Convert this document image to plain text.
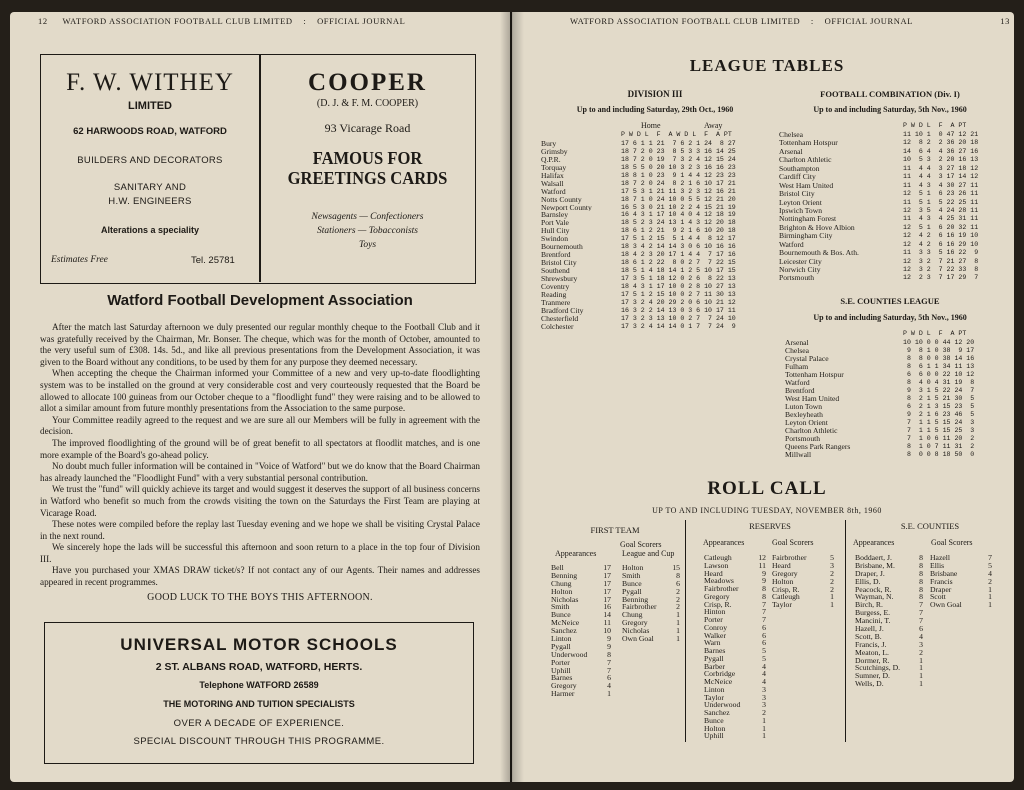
12 WATFORD ASSOCIATION FOOTBALL CLUB LIMITED : OFFICIAL JOURNAL
F. W. WITHEY
LIMITED
62 HARWOODS ROAD, WATFORD
BUILDERS AND DECORATORS
SANITARY AND
H.W. ENGINEERS
Alterations a speciality
Estimates Free	Tel. 25781
COOPER
(D. J. & F. M. COOPER)
93 Vicarage Road
FAMOUS FOR
GREETINGS CARDS
Newsagents — Confectioners
Stationers — Tobacconists
Toys
Watford Football Development Association

After the match last Saturday afternoon we duly presented our regular monthly cheque to the Football Club and it was gratefully received by the Chairman, Mr. Bonser. The cheque, which was for the month of October, amounted to the very useful sum of £308. 14s. 5d., and like all previous presentations from the Development Association, it was given to the Board without any conditions, to be used by them for any purpose they deemed necessary.

When accepting the cheque the Chairman informed your Committee of a new and very up-to-date floodlighting system was to be installed on the ground at very considerable cost and very courteously requested that the Board be allowed to allocate 100 guineas from our October cheque to a "floodlight fund" they were raising and to be allowed to allot a similar amount from future monthly presentations from the Association to the same purpose.

Your Committee readily agreed to the request and we are sure all our Members will be fully in agreement with the decision.

The improved floodlighting of the ground will be of great benefit to all spectators at floodlit matches, and is one more example of the Board's go-ahead policy.

No doubt much fuller information will be contained in "Voice of Watford" but we do know that the Board Chairman has already launched the "Floodlight Fund" with a very substantial personal contribution.

We trust the "fund" will quickly achieve its target and would suggest it deserves the support of all business concerns in Watford who benefit so much from the crowds visiting the town on the Saturdays the First Team are playing at Vicarage Road.

These notes were compiled before the replay last Tuesday evening and we hope we shall be visiting Crystal Palace in the next round.

We sincerely hope the lads will be successful this afternoon and soon return to a place in the top four of Division III.

Have you purchased your XMAS DRAW ticket/s? If not contact any of our Agents. Their names and addresses appeared in recent programmes.

GOOD LUCK TO THE BOYS THIS AFTERNOON.
UNIVERSAL MOTOR SCHOOLS
2 ST. ALBANS ROAD, WATFORD, HERTS.
Telephone WATFORD 26589
THE MOTORING AND TUITION SPECIALISTS
OVER A DECADE OF EXPERIENCE.
SPECIAL DISCOUNT THROUGH THIS PROGRAMME.
WATFORD ASSOCIATION FOOTBALL CLUB LIMITED : OFFICIAL JOURNAL	13
LEAGUE TABLES
DIVISION III
Up to and including Saturday, 29th Oct., 1960
Home	Away
P W D L  F  A W D L  F  A PT
Bury	17 6 1 1 21  7 6 2 1 24  8 27
Grimsby	18 7 2 0 23  8 5 3 3 16 14 25
Q.P.R.	18 7 2 0 19  7 3 2 4 12 15 24
Torquay	18 5 5 0 20 10 3 2 3 16 16 23
Halifax	18 8 1 0 23  9 1 4 4 12 23 23
Walsall	18 7 2 0 24  8 2 1 6 10 17 21
Watford	17 5 3 1 21 11 3 2 3 12 16 21
Notts County	18 7 1 0 24 10 0 5 5 12 21 20
Newport County	16 5 3 0 21 10 2 2 4 15 21 19
Barnsley	16 4 3 1 17 10 4 0 4 12 18 19
Port Vale	18 5 2 3 24 13 1 4 3 12 20 18
Hull City	18 6 1 2 21  9 2 1 6 10 20 18
Swindon	17 5 1 2 15  5 1 4 4  8 12 17
Bournemouth	18 3 4 2 14 14 3 0 6 10 16 16
Brentford	18 4 2 3 20 17 1 4 4  7 17 16
Bristol City	18 6 1 2 22  8 0 2 7  7 22 15
Southend	18 5 1 4 18 14 1 2 5 10 17 15
Shrewsbury	17 3 5 1 18 12 0 2 6  8 22 13
Coventry	18 4 3 1 17 10 0 2 8 10 27 13
Reading	17 5 1 2 15 10 0 2 7 11 30 13
Tranmere	17 3 2 4 20 29 2 0 6 10 21 12
Bradford City	16 3 2 2 14 13 0 3 6 10 17 11
Chesterfield	17 3 2 3 13 10 0 2 7  7 24 10
Colchester	17 3 2 4 14 14 0 1 7  7 24  9
FOOTBALL COMBINATION (Div. I)
Up to and including Saturday, 5th Nov., 1960
P W D L  F  A PT
Chelsea	11 10 1  0 47 12 21
Tottenham Hotspur	12  8 2  2 36 20 18
Arsenal	14  6 4  4 36 27 16
Charlton Athletic	10  5 3  2 20 16 13
Southampton	11  4 4  3 27 18 12
Cardiff City	11  4 4  3 17 14 12
West Ham United	11  4 3  4 30 27 11
Bristol City	12  5 1  6 23 26 11
Leyton Orient	11  5 1  5 22 25 11
Ipswich Town	12  3 5  4 24 28 11
Nottingham Forest	11  4 3  4 25 31 11
Brighton & Hove Albion	12  5 1  6 20 32 11
Birmingham City	12  4 2  6 16 19 10
Watford	12  4 2  6 16 29 10
Bournemouth & Bos. Ath.	11  3 3  5 16 22  9
Leicester City	12  3 2  7 21 27  8
Norwich City	12  3 2  7 22 33  8
Portsmouth	12  2 3  7 17 29  7
S.E. COUNTIES LEAGUE
Up to and including Saturday, 5th Nov., 1960
P W D L  F  A PT
Arsenal	10 10 0 0 44 12 20
Chelsea	9  8 1 0 38  9 17
Crystal Palace	8  8 0 0 38 14 16
Fulham	8  6 1 1 34 11 13
Tottenham Hotspur	6  6 0 0 22 10 12
Watford	8  4 0 4 31 19  8
Brentford	9  3 1 5 22 24  7
West Ham United	8  2 1 5 21 30  5
Luton Town	6  2 1 3 15 23  5
Bexleyheath	9  2 1 6 23 46  5
Leyton Orient	7  1 1 5 15 24  3
Charlton Athletic	7  1 1 5 15 25  3
Portsmouth	7  1 0 6 11 20  2
Queens Park Rangers	8  1 0 7 11 31  2
Millwall	8  0 0 8 18 50  0
ROLL CALL
UP TO AND INCLUDING TUESDAY, NOVEMBER 8th, 1960
FIRST TEAM	RESERVES	S.E. COUNTIES
Goal Scorers
League and Cup
Appearances
Appearances	Goal Scorers	Appearances	Goal Scorers
Bell	17
Benning	17
Chung	17
Holton	17
Nicholas	17
Smith	16
Bunce	14
McNeice	11
Sanchez	10
Linton	9
Pygall	9
Underwood	8
Porter	7
Uphill	7
Barnes	6
Gregory	4
Harmer	1
Holton	15
Smith	8
Bunce	6
Pygall	2
Benning	2
Fairbrother	2
Chung	1
Gregory	1
Nicholas	1
Own Goal	1
Catleugh	12
Lawson	11
Heard	9
Meadows	9
Fairbrother	8
Gregory	8
Crisp, R.	7
Hinton	7
Porter	7
Conroy	6
Walker	6
Warn	6
Barnes	5
Pygall	5
Barber	4
Corbridge	4
McNeice	4
Linton	3
Taylor	3
Underwood	3
Sanchez	2
Bunce	1
Holton	1
Uphill	1
Fairbrother	5
Heard	3
Gregory	2
Holton	2
Crisp, R.	2
Catleugh	1
Taylor	1
Boddaert, J.	8
Brisbane, M.	8
Draper, J.	8
Ellis, D.	8
Peacock, R.	8
Wayman, N.	8
Birch, R.	7
Burgess, E.	7
Mancini, T.	7
Hazell, J.	6
Scott, B.	4
Francis, J.	3
Meaton, L.	2
Dormer, R.	1
Scutchings, D.	1
Sumner, D.	1
Wells, D.	1
Hazell	7
Ellis	5
Brisbane	4
Francis	2
Draper	1
Scott	1
Own Goal	1
